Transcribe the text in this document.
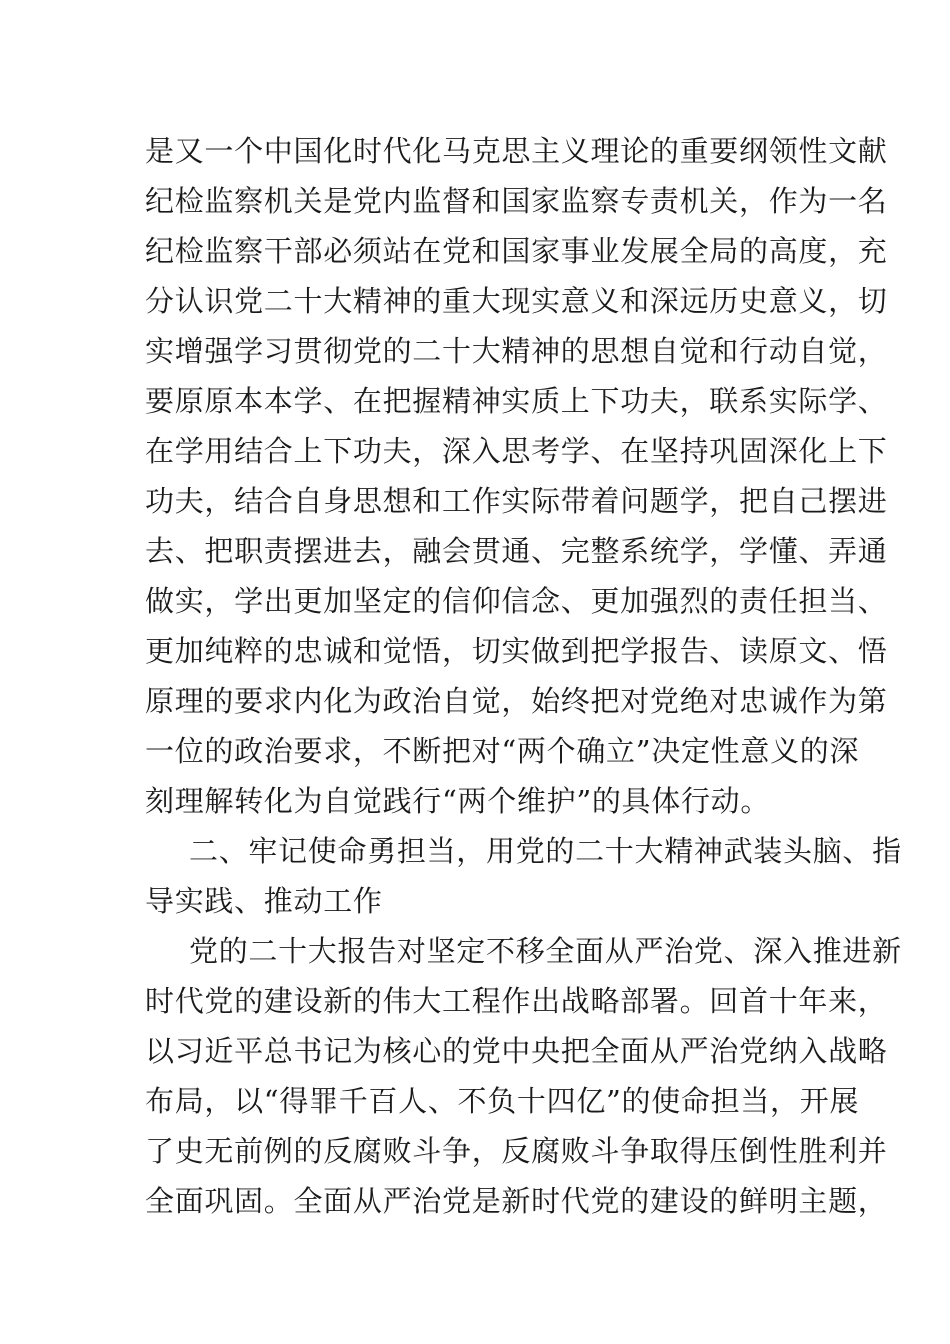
是又一个中国化时代化马克思主义理论的重要纲领性文献
纪检监察机关是党内监督和国家监察专责机关，作为一名
纪检监察干部必须站在党和国家事业发展全局的高度，充
分认识党二十大精神的重大现实意义和深远历史意义，切
实增强学习贯彻党的二十大精神的思想自觉和行动自觉，
要原原本本学、在把握精神实质上下功夫，联系实际学、
在学用结合上下功夫，深入思考学、在坚持巩固深化上下
功夫，结合自身思想和工作实际带着问题学，把自己摆进
去、把职责摆进去，融会贯通、完整系统学，学懂、弄通
做实，学出更加坚定的信仰信念、更加强烈的责任担当、
更加纯粹的忠诚和觉悟，切实做到把学报告、读原文、悟
原理的要求内化为政治自觉，始终把对党绝对忠诚作为第
一位的政治要求，不断把对“两个确立”决定性意义的深
刻理解转化为自觉践行“两个维护”的具体行动。
二、牢记使命勇担当，用党的二十大精神武装头脑、指
导实践、推动工作
党的二十大报告对坚定不移全面从严治党、深入推进新
时代党的建设新的伟大工程作出战略部署。回首十年来，
以习近平总书记为核心的党中央把全面从严治党纳入战略
布局，以“得罪千百人、不负十四亿”的使命担当，开展
了史无前例的反腐败斗争，反腐败斗争取得压倒性胜利并
全面巩固。全面从严治党是新时代党的建设的鲜明主题，
